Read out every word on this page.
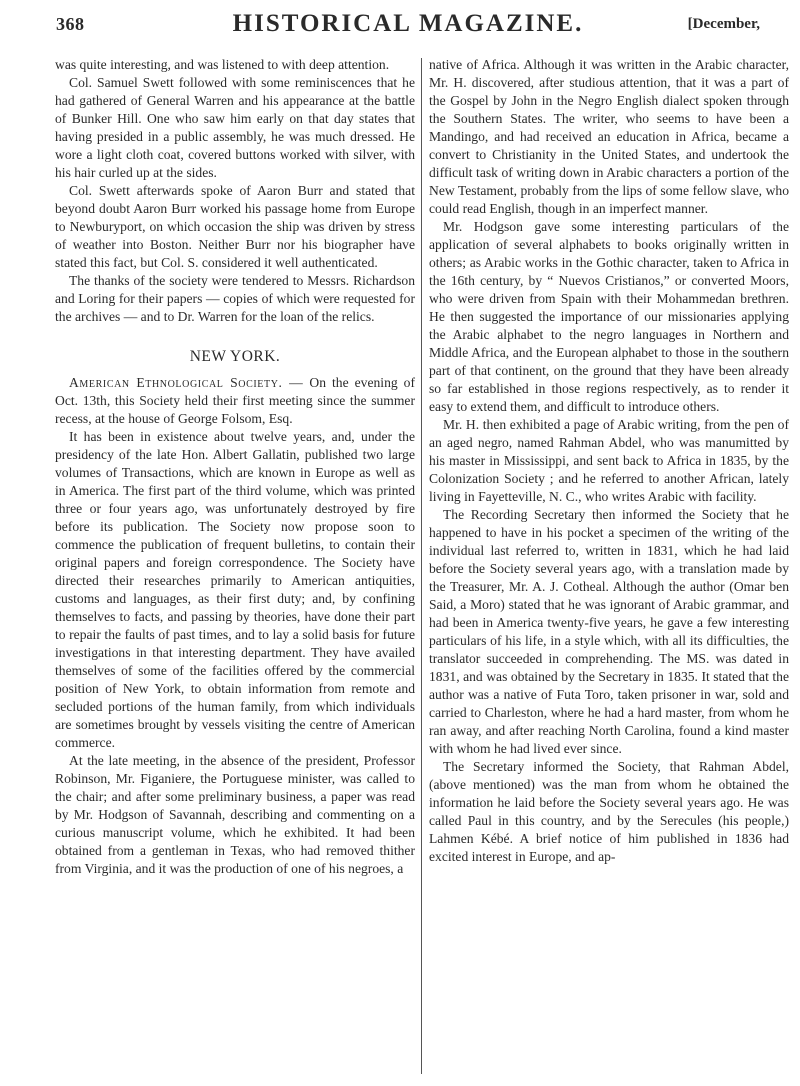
368	HISTORICAL MAGAZINE.	[December,

was quite interesting, and was listened to with deep attention.

Col. Samuel Swett followed with some reminiscences that he had gathered of General Warren and his appearance at the battle of Bunker Hill. One who saw him early on that day states that having presided in a public assembly, he was much dressed. He wore a light cloth coat, covered buttons worked with silver, with his hair curled up at the sides.

Col. Swett afterwards spoke of Aaron Burr and stated that beyond doubt Aaron Burr worked his passage home from Europe to Newburyport, on which occasion the ship was driven by stress of weather into Boston. Neither Burr nor his biographer have stated this fact, but Col. S. considered it well authenticated.

The thanks of the society were tendered to Messrs. Richardson and Loring for their papers — copies of which were requested for the archives — and to Dr. Warren for the loan of the relics.

NEW YORK.

American Ethnological Society. — On the evening of Oct. 13th, this Society held their first meeting since the summer recess, at the house of George Folsom, Esq.

It has been in existence about twelve years, and, under the presidency of the late Hon. Albert Gallatin, published two large volumes of Transactions, which are known in Europe as well as in America. The first part of the third volume, which was printed three or four years ago, was unfortunately destroyed by fire before its publication. The Society now propose soon to commence the publication of frequent bulletins, to contain their original papers and foreign correspondence. The Society have directed their researches primarily to American antiquities, customs and languages, as their first duty; and, by confining themselves to facts, and passing by theories, have done their part to repair the faults of past times, and to lay a solid basis for future investigations in that interesting department. They have availed themselves of some of the facilities offered by the commercial position of New York, to obtain information from remote and secluded portions of the human family, from which individuals are sometimes brought by vessels visiting the centre of American commerce.

At the late meeting, in the absence of the president, Professor Robinson, Mr. Figaniere, the Portuguese minister, was called to the chair; and after some preliminary business, a paper was read by Mr. Hodgson of Savannah, describing and commenting on a curious manuscript volume, which he exhibited. It had been obtained from a gentleman in Texas, who had removed thither from Virginia, and it was the production of one of his negroes, a

native of Africa. Although it was written in the Arabic character, Mr. H. discovered, after studious attention, that it was a part of the Gospel by John in the Negro English dialect spoken through the Southern States. The writer, who seems to have been a Mandingo, and had received an education in Africa, became a convert to Christianity in the United States, and undertook the difficult task of writing down in Arabic characters a portion of the New Testament, probably from the lips of some fellow slave, who could read English, though in an imperfect manner.

Mr. Hodgson gave some interesting particulars of the application of several alphabets to books originally written in others; as Arabic works in the Gothic character, taken to Africa in the 16th century, by “ Nuevos Cristianos,” or converted Moors, who were driven from Spain with their Mohammedan brethren. He then suggested the importance of our missionaries applying the Arabic alphabet to the negro languages in Northern and Middle Africa, and the European alphabet to those in the southern part of that continent, on the ground that they have been already so far established in those regions respectively, as to render it easy to extend them, and difficult to introduce others.

Mr. H. then exhibited a page of Arabic writing, from the pen of an aged negro, named Rahman Abdel, who was manumitted by his master in Mississippi, and sent back to Africa in 1835, by the Colonization Society ; and he referred to another African, lately living in Fayetteville, N. C., who writes Arabic with facility.

The Recording Secretary then informed the Society that he happened to have in his pocket a specimen of the writing of the individual last referred to, written in 1831, which he had laid before the Society several years ago, with a translation made by the Treasurer, Mr. A. J. Cotheal. Although the author (Omar ben Said, a Moro) stated that he was ignorant of Arabic grammar, and had been in America twenty-five years, he gave a few interesting particulars of his life, in a style which, with all its difficulties, the translator succeeded in comprehending. The MS. was dated in 1831, and was obtained by the Secretary in 1835. It stated that the author was a native of Futa Toro, taken prisoner in war, sold and carried to Charleston, where he had a hard master, from whom he ran away, and after reaching North Carolina, found a kind master with whom he had lived ever since.

The Secretary informed the Society, that Rahman Abdel, (above mentioned) was the man from whom he obtained the information he laid before the Society several years ago. He was called Paul in this country, and by the Serecules (his people,) Lahmen Kébé. A brief notice of him published in 1836 had excited interest in Europe, and ap-
